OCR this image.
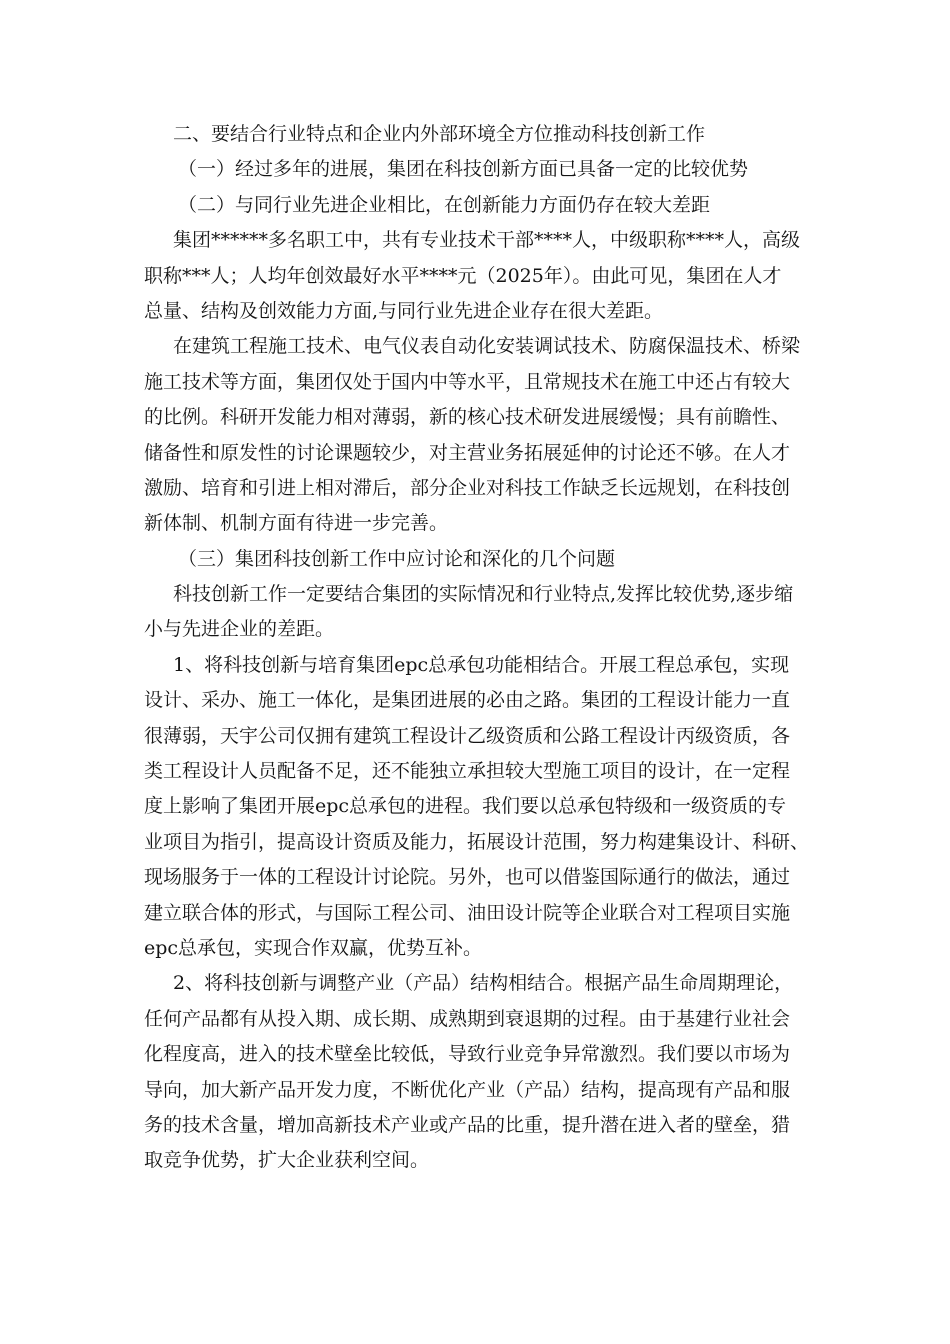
二、要结合行业特点和企业内外部环境全方位推动科技创新工作
（一）经过多年的进展，集团在科技创新方面已具备一定的比较优势
（二）与同行业先进企业相比，在创新能力方面仍存在较大差距
集团******多名职工中，共有专业技术干部****人，中级职称****人，高级
职称***人；人均年创效最好水平****元（2025年）。由此可见，集团在人才
总量、结构及创效能力方面,与同行业先进企业存在很大差距。
在建筑工程施工技术、电气仪表自动化安装调试技术、防腐保温技术、桥梁
施工技术等方面，集团仅处于国内中等水平，且常规技术在施工中还占有较大
的比例。科研开发能力相对薄弱，新的核心技术研发进展缓慢；具有前瞻性、
储备性和原发性的讨论课题较少，对主营业务拓展延伸的讨论还不够。在人才
激励、培育和引进上相对滞后，部分企业对科技工作缺乏长远规划，在科技创
新体制、机制方面有待进一步完善。
（三）集团科技创新工作中应讨论和深化的几个问题
科技创新工作一定要结合集团的实际情况和行业特点,发挥比较优势,逐步缩
小与先进企业的差距。
1、将科技创新与培育集团epc总承包功能相结合。开展工程总承包，实现
设计、采办、施工一体化，是集团进展的必由之路。集团的工程设计能力一直
很薄弱，天宇公司仅拥有建筑工程设计乙级资质和公路工程设计丙级资质，各
类工程设计人员配备不足，还不能独立承担较大型施工项目的设计，在一定程
度上影响了集团开展epc总承包的进程。我们要以总承包特级和一级资质的专
业项目为指引，提高设计资质及能力，拓展设计范围，努力构建集设计、科研、
现场服务于一体的工程设计讨论院。另外，也可以借鉴国际通行的做法，通过
建立联合体的形式，与国际工程公司、油田设计院等企业联合对工程项目实施
epc总承包，实现合作双赢，优势互补。
2、将科技创新与调整产业（产品）结构相结合。根据产品生命周期理论，
任何产品都有从投入期、成长期、成熟期到衰退期的过程。由于基建行业社会
化程度高，进入的技术壁垒比较低，导致行业竞争异常激烈。我们要以市场为
导向，加大新产品开发力度，不断优化产业（产品）结构，提高现有产品和服
务的技术含量，增加高新技术产业或产品的比重，提升潜在进入者的壁垒，猎
取竞争优势，扩大企业获利空间。
